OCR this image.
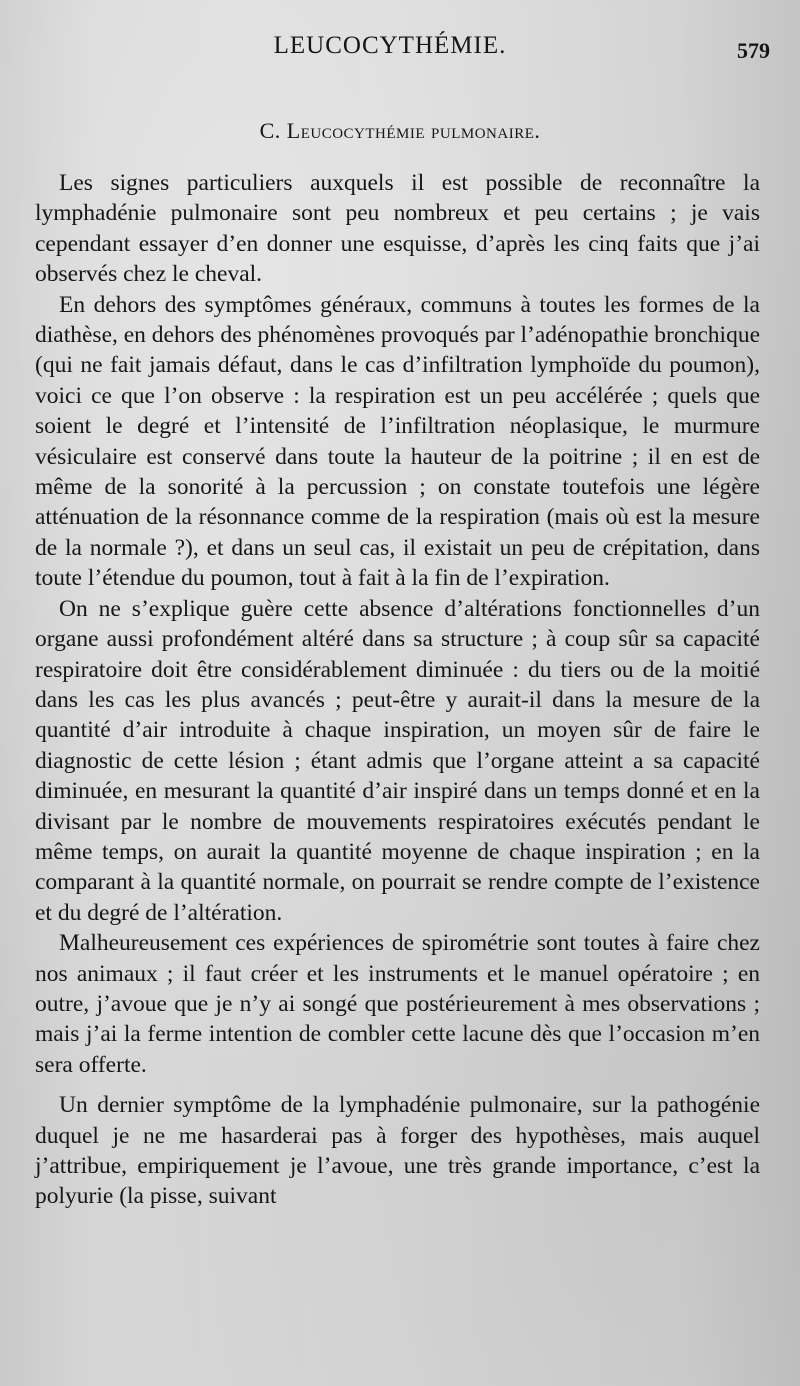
LEUCOCYTHÉMIE.	579
C. Leucocythémie pulmonaire.

Les signes particuliers auxquels il est possible de reconnaître la lymphadénie pulmonaire sont peu nombreux et peu certains ; je vais cependant essayer d’en donner une esquisse, d’après les cinq faits que j’ai observés chez le cheval.

En dehors des symptômes généraux, communs à toutes les formes de la diathèse, en dehors des phénomènes provoqués par l’adénopathie bronchique (qui ne fait jamais défaut, dans le cas d’infiltration lymphoïde du poumon), voici ce que l’on observe : la respiration est un peu accélérée ; quels que soient le degré et l’intensité de l’infiltration néoplasique, le murmure vésiculaire est conservé dans toute la hauteur de la poitrine ; il en est de même de la sonorité à la percussion ; on constate toutefois une légère atténuation de la résonnance comme de la respiration (mais où est la mesure de la normale ?), et dans un seul cas, il existait un peu de crépitation, dans toute l’étendue du poumon, tout à fait à la fin de l’expiration.

On ne s’explique guère cette absence d’altérations fonctionnelles d’un organe aussi profondément altéré dans sa structure ; à coup sûr sa capacité respiratoire doit être considérablement diminuée : du tiers ou de la moitié dans les cas les plus avancés ; peut-être y aurait-il dans la mesure de la quantité d’air introduite à chaque inspiration, un moyen sûr de faire le diagnostic de cette lésion ; étant admis que l’organe atteint a sa capacité diminuée, en mesurant la quantité d’air inspiré dans un temps donné et en la divisant par le nombre de mouvements respiratoires exécutés pendant le même temps, on aurait la quantité moyenne de chaque inspiration ; en la comparant à la quantité normale, on pourrait se rendre compte de l’existence et du degré de l’altération.

Malheureusement ces expériences de spirométrie sont toutes à faire chez nos animaux ; il faut créer et les instruments et le manuel opératoire ; en outre, j’avoue que je n’y ai songé que postérieurement à mes observations ; mais j’ai la ferme intention de combler cette lacune dès que l’occasion m’en sera offerte.

Un dernier symptôme de la lymphadénie pulmonaire, sur la pathogénie duquel je ne me hasarderai pas à forger des hypothèses, mais auquel j’attribue, empiriquement je l’avoue, une très grande importance, c’est la polyurie (la pisse, suivant
